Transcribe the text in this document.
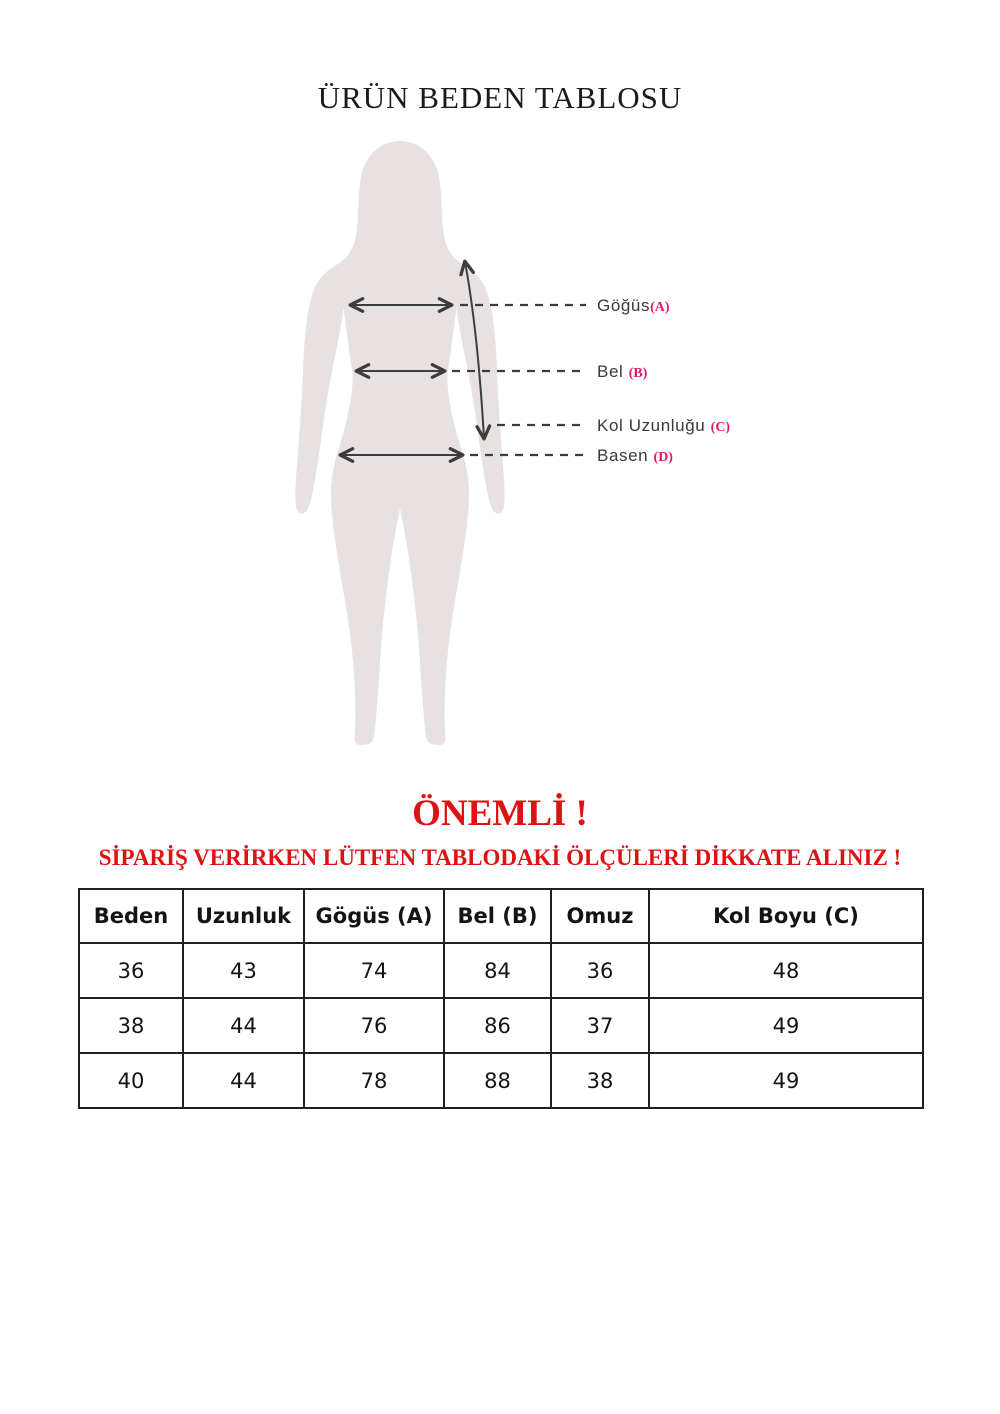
ÜRÜN BEDEN TABLOSU
Göğüs(A)
Bel (B)
Kol Uzunluğu (C)
Basen (D)
ÖNEMLİ !
SİPARİŞ VERİRKEN LÜTFEN TABLODAKİ ÖLÇÜLERİ DİKKATE ALINIZ !
Beden	Uzunluk	Gögüs (A)	Bel (B)	Omuz	Kol Boyu (C)
36	43	74	84	36	48
38	44	76	86	37	49
40	44	78	88	38	49
